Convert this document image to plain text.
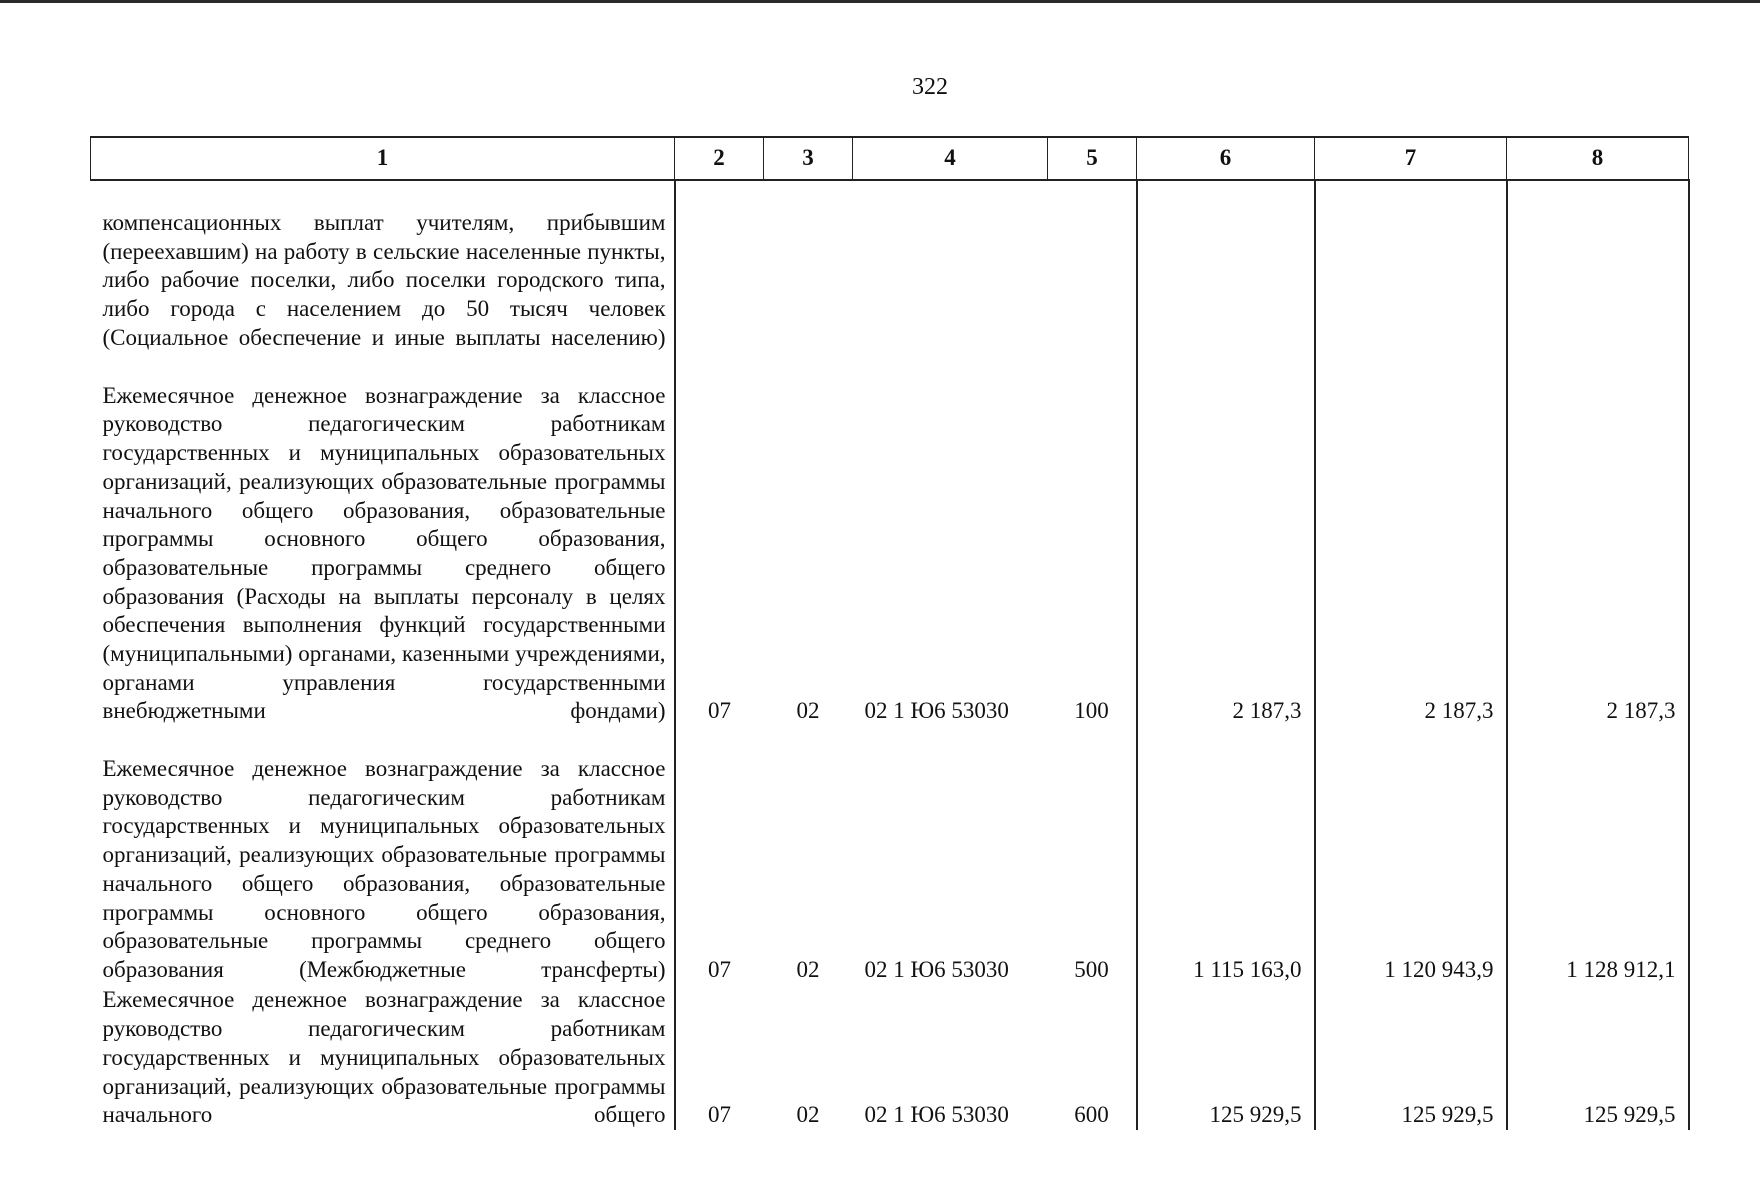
322
1	2	3	4	5	6	7	8
компенсационных выплат учителям, прибывшим (переехавшим) на работу в сельские населенные пункты, либо рабочие поселки, либо поселки городского типа, либо города с населением до 50 тысяч человек (Социальное обеспечение и иные выплаты населению)							
Ежемесячное денежное вознаграждение за классное руководство педагогическим работникам государственных и муниципальных образовательных организаций, реализующих образовательные программы начального общего образования, образовательные программы основного общего образования, образовательные программы среднего общего образования (Расходы на выплаты персоналу в целях обеспечения выполнения функций государственными (муниципальными) органами, казенными учреждениями, органами управления государственными внебюджетными фондами)	07	02	02 1 Ю6 53030	100	2 187,3	2 187,3	2 187,3
Ежемесячное денежное вознаграждение за классное руководство педагогическим работникам государственных и муниципальных образовательных организаций, реализующих образовательные программы начального общего образования, образовательные программы основного общего образования, образовательные программы среднего общего образования (Межбюджетные трансферты)	07	02	02 1 Ю6 53030	500	1 115 163,0	1 120 943,9	1 128 912,1
Ежемесячное денежное вознаграждение за классное руководство педагогическим работникам государственных и муниципальных образовательных организаций, реализующих образовательные программы начального общего	07	02	02 1 Ю6 53030	600	125 929,5	125 929,5	125 929,5
